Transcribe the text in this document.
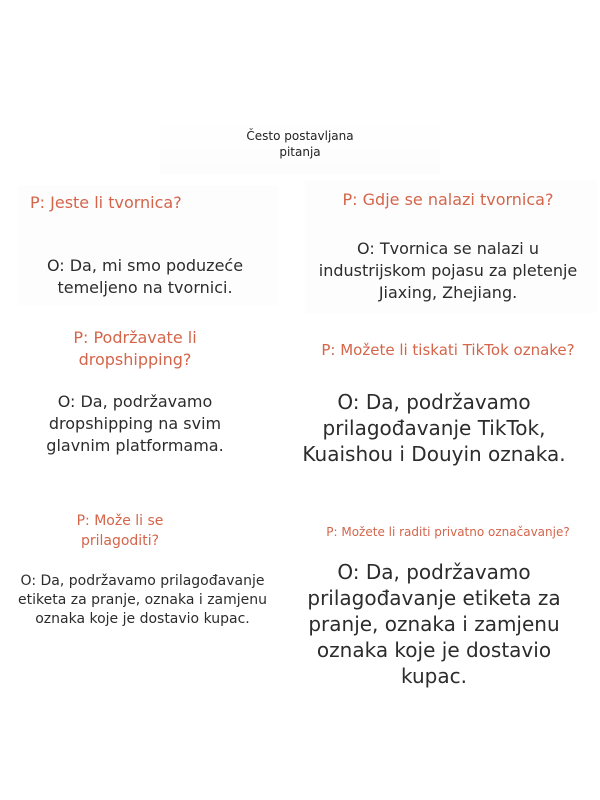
Često postavljana
pitanja
P: Jeste li tvornica?
O: Da, mi smo poduzeće temeljeno na tvornici.
P: Gdje se nalazi tvornica?
O: Tvornica se nalazi u industrijskom pojasu za pletenje Jiaxing, Zhejiang.
P: Podržavate li dropshipping?
O: Da, podržavamo dropshipping na svim glavnim platformama.
P: Možete li tiskati TikTok oznake?
O: Da, podržavamo prilagođavanje TikTok, Kuaishou i Douyin oznaka.
P: Može li se prilagoditi?
O: Da, podržavamo prilagođavanje etiketa za pranje, oznaka i zamjenu oznaka koje je dostavio kupac.
P: Možete li raditi privatno označavanje?
O: Da, podržavamo prilagođavanje etiketa za pranje, oznaka i zamjenu oznaka koje je dostavio kupac.
